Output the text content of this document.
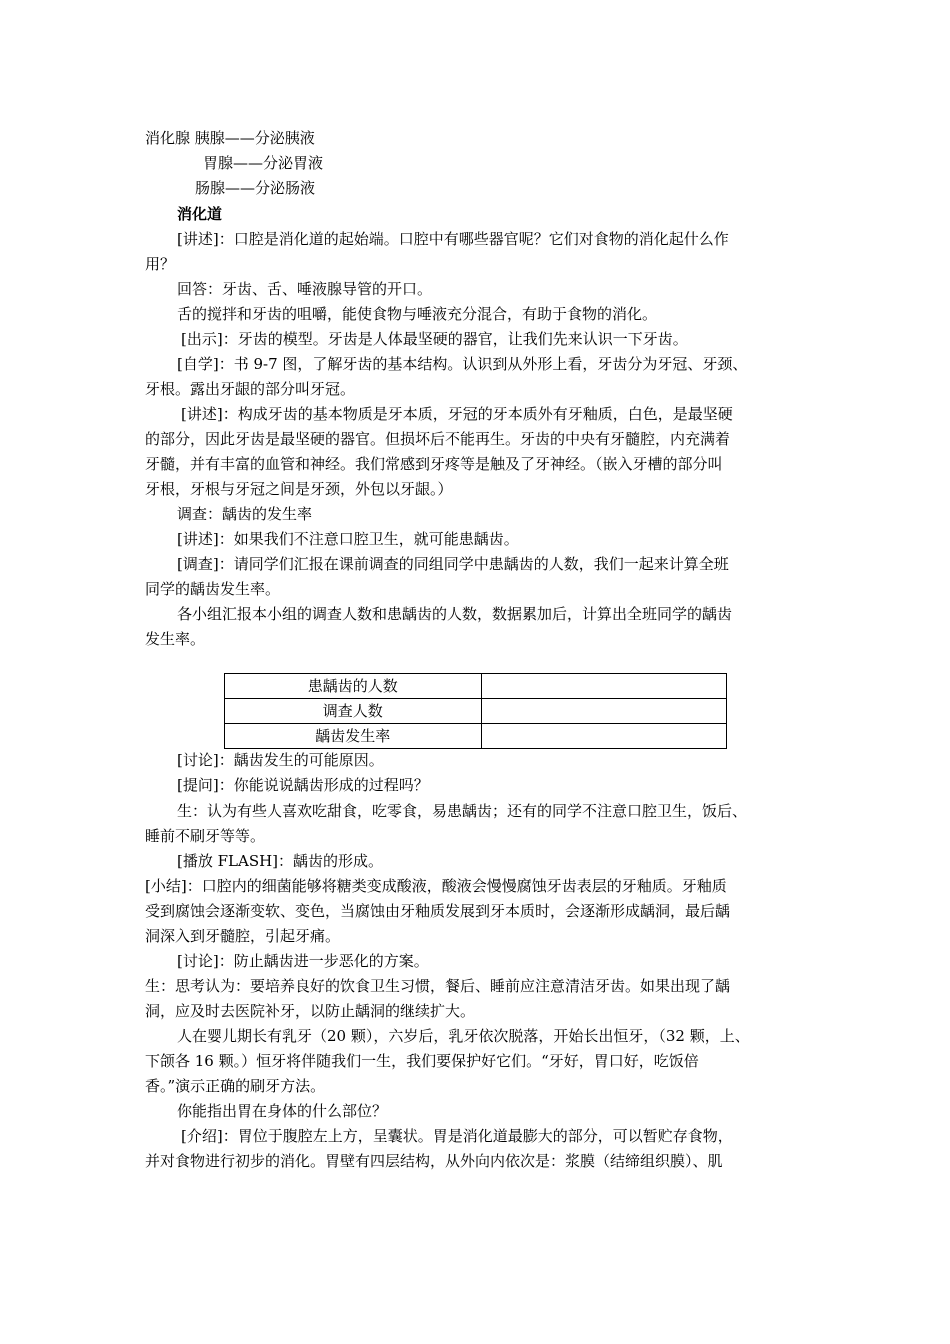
消化腺 胰腺——分泌胰液
胃腺——分泌胃液
肠腺——分泌肠液
消化道
[讲述]：口腔是消化道的起始端。口腔中有哪些器官呢？它们对食物的消化起什么作
用？
回答：牙齿、舌、唾液腺导管的开口。
舌的搅拌和牙齿的咀嚼，能使食物与唾液充分混合，有助于食物的消化。
[出示]：牙齿的模型。牙齿是人体最坚硬的器官，让我们先来认识一下牙齿。
[自学]：书 9-7 图，了解牙齿的基本结构。认识到从外形上看，牙齿分为牙冠、牙颈、
牙根。露出牙龈的部分叫牙冠。
[讲述]：构成牙齿的基本物质是牙本质，牙冠的牙本质外有牙釉质，白色，是最坚硬
的部分，因此牙齿是最坚硬的器官。但损坏后不能再生。牙齿的中央有牙髓腔，内充满着
牙髓，并有丰富的血管和神经。我们常感到牙疼等是触及了牙神经。（嵌入牙槽的部分叫
牙根，牙根与牙冠之间是牙颈，外包以牙龈。）
调查：龋齿的发生率
[讲述]：如果我们不注意口腔卫生，就可能患龋齿。
[调查]：请同学们汇报在课前调查的同组同学中患龋齿的人数，我们一起来计算全班
同学的龋齿发生率。
各小组汇报本小组的调查人数和患龋齿的人数，数据累加后，计算出全班同学的龋齿
发生率。
患龋齿的人数	
调查人数	
龋齿发生率	
[讨论]：龋齿发生的可能原因。
[提问]：你能说说龋齿形成的过程吗？
生：认为有些人喜欢吃甜食，吃零食，易患龋齿；还有的同学不注意口腔卫生，饭后、
睡前不刷牙等等。
[播放 FLASH]：龋齿的形成。
[小结]：口腔内的细菌能够将糖类变成酸液，酸液会慢慢腐蚀牙齿表层的牙釉质。牙釉质
受到腐蚀会逐渐变软、变色，当腐蚀由牙釉质发展到牙本质时，会逐渐形成龋洞，最后龋
洞深入到牙髓腔，引起牙痛。
[讨论]：防止龋齿进一步恶化的方案。
生：思考认为：要培养良好的饮食卫生习惯，餐后、睡前应注意清洁牙齿。如果出现了龋
洞，应及时去医院补牙，以防止龋洞的继续扩大。
人在婴儿期长有乳牙（20 颗），六岁后，乳牙依次脱落，开始长出恒牙，（32 颗，上、
下颌各 16 颗。）恒牙将伴随我们一生，我们要保护好它们。“牙好，胃口好，吃饭倍
香。”演示正确的刷牙方法。
你能指出胃在身体的什么部位？
[介绍]：胃位于腹腔左上方，呈囊状。胃是消化道最膨大的部分，可以暂贮存食物，
并对食物进行初步的消化。胃壁有四层结构，从外向内依次是：浆膜（结缔组织膜）、肌
